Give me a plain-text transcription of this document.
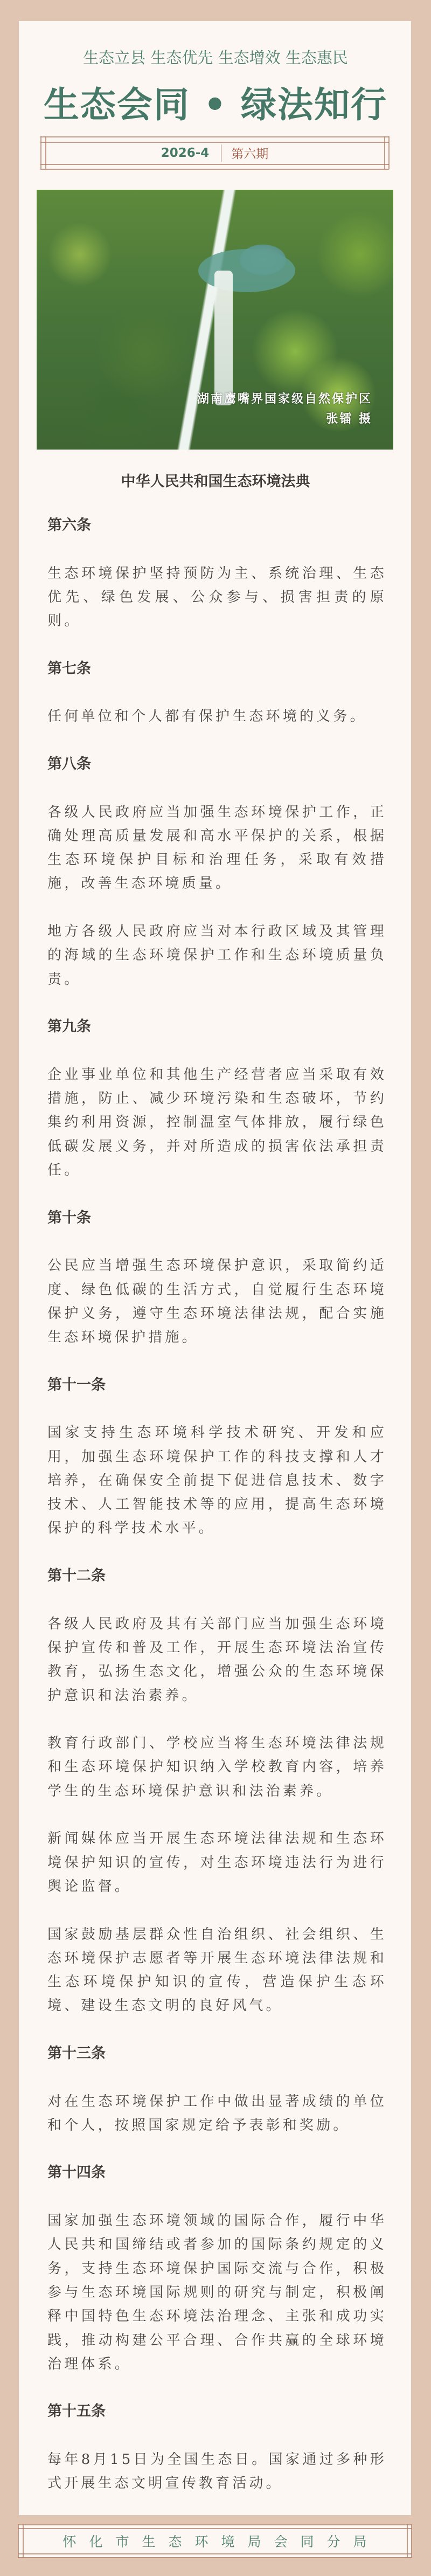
生态立县 生态优先 生态增效 生态惠民
生态会同 • 绿法知行
2026-4	第六期
湖南鹰嘴界国家级自然保护区
张镭 摄
中华人民共和国生态环境法典
第六条
生态环境保护坚持预防为主、系统治理、生态优先、绿色发展、公众参与、损害担责的原则。
第七条
任何单位和个人都有保护生态环境的义务。
第八条
各级人民政府应当加强生态环境保护工作，正确处理高质量发展和高水平保护的关系，根据生态环境保护目标和治理任务，采取有效措施，改善生态环境质量。
地方各级人民政府应当对本行政区域及其管理的海域的生态环境保护工作和生态环境质量负责。
第九条
企业事业单位和其他生产经营者应当采取有效措施，防止、减少环境污染和生态破坏，节约集约利用资源，控制温室气体排放，履行绿色低碳发展义务，并对所造成的损害依法承担责任。
第十条
公民应当增强生态环境保护意识，采取简约适度、绿色低碳的生活方式，自觉履行生态环境保护义务，遵守生态环境法律法规，配合实施生态环境保护措施。
第十一条
国家支持生态环境科学技术研究、开发和应用，加强生态环境保护工作的科技支撑和人才培养，在确保安全前提下促进信息技术、数字技术、人工智能技术等的应用，提高生态环境保护的科学技术水平。
第十二条
各级人民政府及其有关部门应当加强生态环境保护宣传和普及工作，开展生态环境法治宣传教育，弘扬生态文化，增强公众的生态环境保护意识和法治素养。
教育行政部门、学校应当将生态环境法律法规和生态环境保护知识纳入学校教育内容，培养学生的生态环境保护意识和法治素养。
新闻媒体应当开展生态环境法律法规和生态环境保护知识的宣传，对生态环境违法行为进行舆论监督。
国家鼓励基层群众性自治组织、社会组织、生态环境保护志愿者等开展生态环境法律法规和生态环境保护知识的宣传，营造保护生态环境、建设生态文明的良好风气。
第十三条
对在生态环境保护工作中做出显著成绩的单位和个人，按照国家规定给予表彰和奖励。
第十四条
国家加强生态环境领域的国际合作，履行中华人民共和国缔结或者参加的国际条约规定的义务，支持生态环境保护国际交流与合作，积极参与生态环境国际规则的研究与制定，积极阐释中国特色生态环境法治理念、主张和成功实践，推动构建公平合理、合作共赢的全球环境治理体系。
第十五条
每年8月15日为全国生态日。国家通过多种形式开展生态文明宣传教育活动。
怀化市生态环境局会同分局
